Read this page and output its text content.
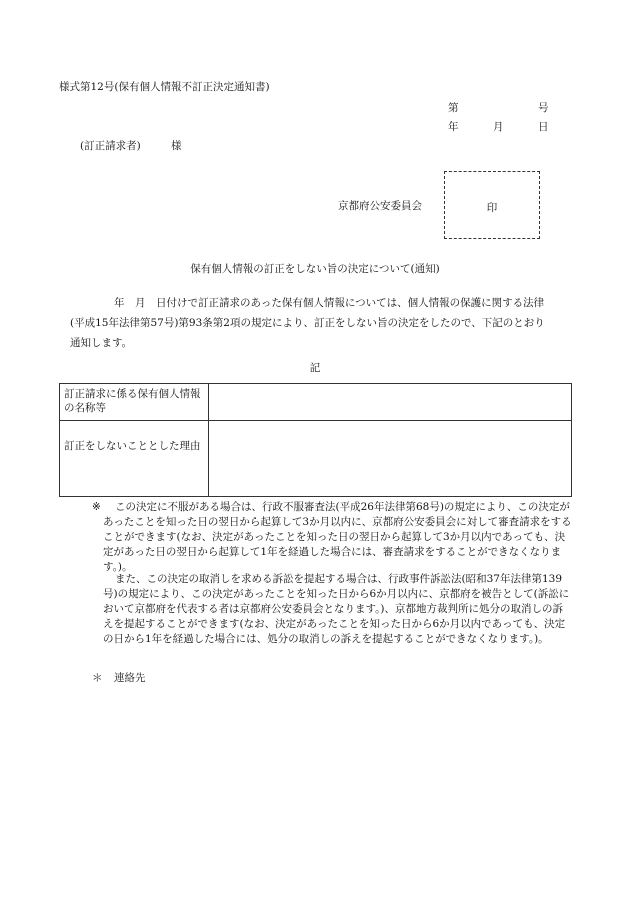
様式第12号(保有個人情報不訂正決定通知書)
第	号
年	月	日
(訂正請求者)	様
京都府公安委員会	印
保有個人情報の訂正をしない旨の決定について(通知)
年　月　日付けで訂正請求のあった保有個人情報については、個人情報の保護に関する法律
(平成15年法律第57号)第93条第2項の規定により、訂正をしない旨の決定をしたので、下記のとおり
通知します。
記
訂正請求に係る保有個人情報の名称等	
訂正をしないこととした理由	
※	この決定に不服がある場合は、行政不服審査法(平成26年法律第68号)の規定により、この決定があったことを知った日の翌日から起算して3か月以内に、京都府公安委員会に対して審査請求をすることができます(なお、決定があったことを知った日の翌日から起算して3か月以内であっても、決定があった日の翌日から起算して1年を経過した場合には、審査請求をすることができなくなります。)。
また、この決定の取消しを求める訴訟を提起する場合は、行政事件訴訟法(昭和37年法律第139号)の規定により、この決定があったことを知った日から6か月以内に、京都府を被告として(訴訟において京都府を代表する者は京都府公安委員会となります。)、京都地方裁判所に処分の取消しの訴えを提起することができます(なお、決定があったことを知った日から6か月以内であっても、決定の日から1年を経過した場合には、処分の取消しの訴えを提起することができなくなります。)。
＊ 連絡先
